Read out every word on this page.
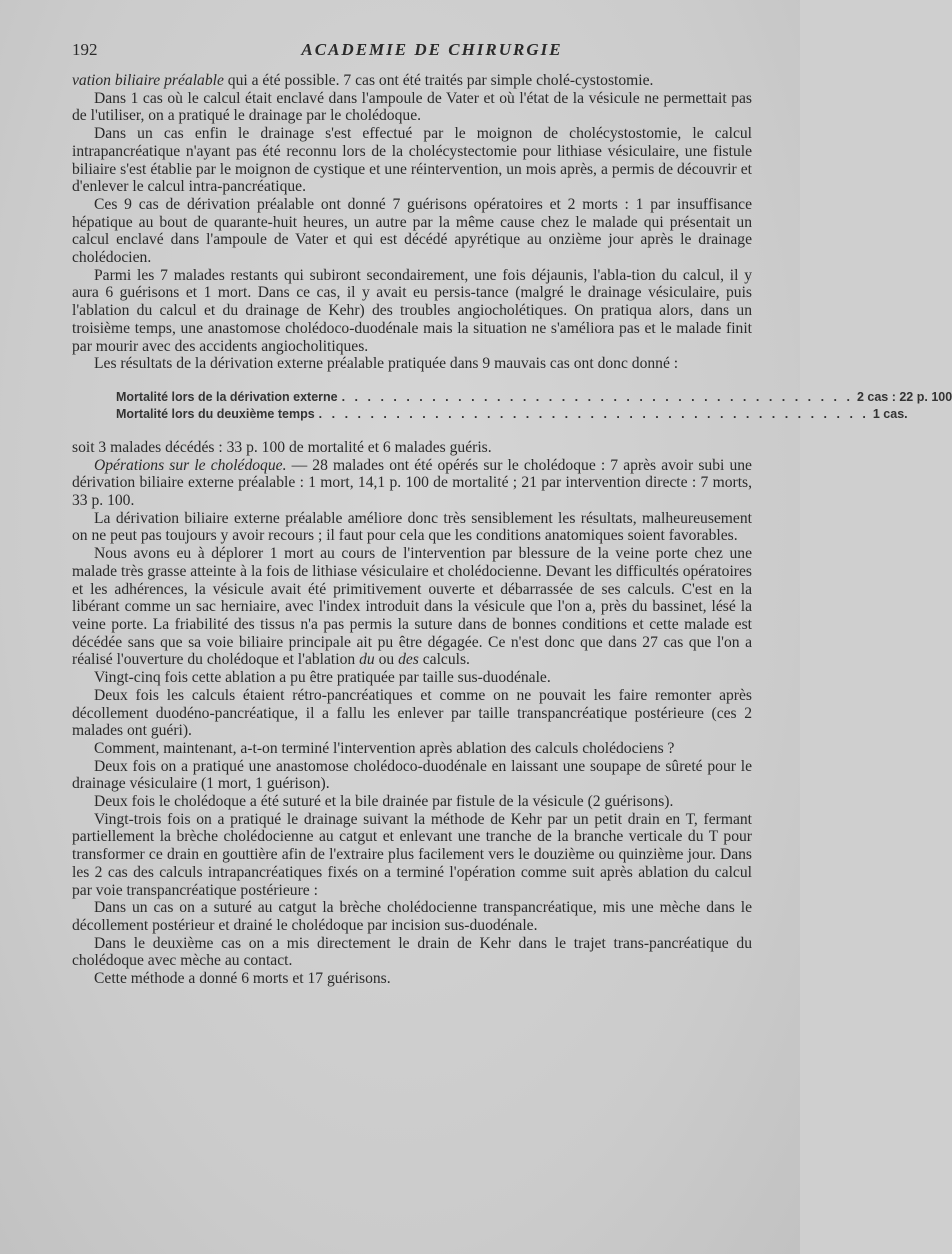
192	ACADEMIE DE CHIRURGIE

vation biliaire préalable qui a été possible. 7 cas ont été traités par simple cholé-cystostomie.

Dans 1 cas où le calcul était enclavé dans l'ampoule de Vater et où l'état de la vésicule ne permettait pas de l'utiliser, on a pratiqué le drainage par le cholédoque.

Dans un cas enfin le drainage s'est effectué par le moignon de cholécystostomie, le calcul intrapancréatique n'ayant pas été reconnu lors de la cholécystectomie pour lithiase vésiculaire, une fistule biliaire s'est établie par le moignon de cystique et une réintervention, un mois après, a permis de découvrir et d'enlever le calcul intra-pancréatique.

Ces 9 cas de dérivation préalable ont donné 7 guérisons opératoires et 2 morts : 1 par insuffisance hépatique au bout de quarante-huit heures, un autre par la même cause chez le malade qui présentait un calcul enclavé dans l'ampoule de Vater et qui est décédé apyrétique au onzième jour après le drainage cholédocien.

Parmi les 7 malades restants qui subiront secondairement, une fois déjaunis, l'abla-tion du calcul, il y aura 6 guérisons et 1 mort. Dans ce cas, il y avait eu persis-tance (malgré le drainage vésiculaire, puis l'ablation du calcul et du drainage de Kehr) des troubles angiocholétiques. On pratiqua alors, dans un troisième temps, une anastomose cholédoco-duodénale mais la situation ne s'améliora pas et le malade finit par mourir avec des accidents angiocholitiques.

Les résultats de la dérivation externe préalable pratiquée dans 9 mauvais cas ont donc donné :

Mortalité lors de la dérivation externe . . . . . . . . . . . . . . . . . . . . . . . . . . . . . . . . . . . . . . . . 2 cas : 22 p. 100
Mortalité lors du deuxième temps . . . . . . . . . . . . . . . . . . . . . . . . . . . . . . . . . . . . . . . . . . . 1 cas.

soit 3 malades décédés : 33 p. 100 de mortalité et 6 malades guéris.

Opérations sur le cholédoque. — 28 malades ont été opérés sur le cholédoque : 7 après avoir subi une dérivation biliaire externe préalable : 1 mort, 14,1 p. 100 de mortalité ; 21 par intervention directe : 7 morts, 33 p. 100.

La dérivation biliaire externe préalable améliore donc très sensiblement les résultats, malheureusement on ne peut pas toujours y avoir recours ; il faut pour cela que les conditions anatomiques soient favorables.

Nous avons eu à déplorer 1 mort au cours de l'intervention par blessure de la veine porte chez une malade très grasse atteinte à la fois de lithiase vésiculaire et cholédocienne. Devant les difficultés opératoires et les adhérences, la vésicule avait été primitivement ouverte et débarrassée de ses calculs. C'est en la libérant comme un sac herniaire, avec l'index introduit dans la vésicule que l'on a, près du bassinet, lésé la veine porte. La friabilité des tissus n'a pas permis la suture dans de bonnes conditions et cette malade est décédée sans que sa voie biliaire principale ait pu être dégagée. Ce n'est donc que dans 27 cas que l'on a réalisé l'ouverture du cholédoque et l'ablation du ou des calculs.

Vingt-cinq fois cette ablation a pu être pratiquée par taille sus-duodénale.

Deux fois les calculs étaient rétro-pancréatiques et comme on ne pouvait les faire remonter après décollement duodéno-pancréatique, il a fallu les enlever par taille transpancréatique postérieure (ces 2 malades ont guéri).

Comment, maintenant, a-t-on terminé l'intervention après ablation des calculs cholédociens ?

Deux fois on a pratiqué une anastomose cholédoco-duodénale en laissant une soupape de sûreté pour le drainage vésiculaire (1 mort, 1 guérison).

Deux fois le cholédoque a été suturé et la bile drainée par fistule de la vésicule (2 guérisons).

Vingt-trois fois on a pratiqué le drainage suivant la méthode de Kehr par un petit drain en T, fermant partiellement la brèche cholédocienne au catgut et enlevant une tranche de la branche verticale du T pour transformer ce drain en gouttière afin de l'extraire plus facilement vers le douzième ou quinzième jour. Dans les 2 cas des calculs intrapancréatiques fixés on a terminé l'opération comme suit après ablation du calcul par voie transpancréatique postérieure :

Dans un cas on a suturé au catgut la brèche cholédocienne transpancréatique, mis une mèche dans le décollement postérieur et drainé le cholédoque par incision sus-duodénale.

Dans le deuxième cas on a mis directement le drain de Kehr dans le trajet trans-pancréatique du cholédoque avec mèche au contact.

Cette méthode a donné 6 morts et 17 guérisons.
